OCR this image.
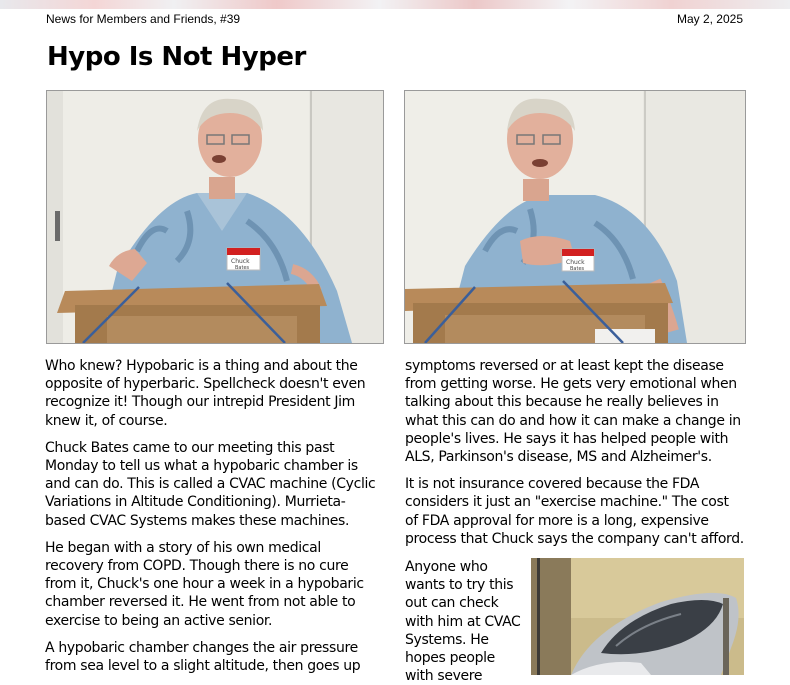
News for Members and Friends, #39	May 2, 2025
Hypo Is Not Hyper
Chuck
Bates
Chuck
Bates

Who knew? Hypobaric is a thing and about the
opposite of hyperbaric. Spellcheck doesn't even
recognize it! Though our intrepid President Jim
knew it, of course.

Chuck Bates came to our meeting this past
Monday to tell us what a hypobaric chamber is
and can do. This is called a CVAC machine (Cyclic
Variations in Altitude Conditioning). Murrieta-
based CVAC Systems makes these machines.

He began with a story of his own medical
recovery from COPD. Though there is no cure
from it, Chuck's one hour a week in a hypobaric
chamber reversed it. He went from not able to
exercise to being an active senior.

A hypobaric chamber changes the air pressure
from sea level to a slight altitude, then goes up

symptoms reversed or at least kept the disease
from getting worse. He gets very emotional when
talking about this because he really believes in
what this can do and how it can make a change in
people's lives. He says it has helped people with
ALS, Parkinson's disease, MS and Alzheimer's.

It is not insurance covered because the FDA
considers it just an "exercise machine." The cost
of FDA approval for more is a long, expensive
process that Chuck says the company can't afford.

Anyone who
wants to try this
out can check
with him at CVAC
Systems. He
hopes people
with severe
